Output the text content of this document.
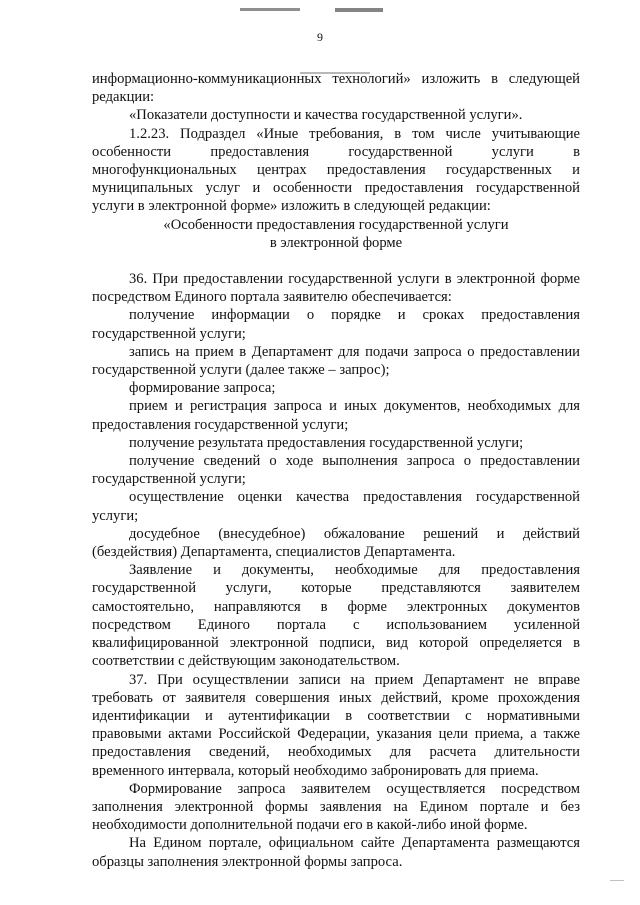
9

информационно-коммуникационных технологий» изложить в следующей редакции:

«Показатели доступности и качества государственной услуги».

1.2.23. Подраздел «Иные требования, в том числе учитывающие особенности предоставления государственной услуги в многофункциональных центрах предоставления государственных и муниципальных услуг и особенности предоставления государственной услуги в электронной форме» изложить в следующей редакции:

«Особенности предоставления государственной услуги

в электронной форме

36. При предоставлении государственной услуги в электронной форме посредством Единого портала заявителю обеспечивается:

получение информации о порядке и сроках предоставления государственной услуги;

запись на прием в Департамент для подачи запроса о предоставлении государственной услуги (далее также – запрос);

формирование запроса;

прием и регистрация запроса и иных документов, необходимых для предоставления государственной услуги;

получение результата предоставления государственной услуги;

получение сведений о ходе выполнения запроса о предоставлении государственной услуги;

осуществление оценки качества предоставления государственной услуги;

досудебное (внесудебное) обжалование решений и действий (бездействия) Департамента, специалистов Департамента.

Заявление и документы, необходимые для предоставления государственной услуги, которые представляются заявителем самостоятельно, направляются в форме электронных документов посредством Единого портала с использованием усиленной квалифицированной электронной подписи, вид которой определяется в соответствии с действующим законодательством.

37. При осуществлении записи на прием Департамент не вправе требовать от заявителя совершения иных действий, кроме прохождения идентификации и аутентификации в соответствии с нормативными правовыми актами Российской Федерации, указания цели приема, а также предоставления сведений, необходимых для расчета длительности временного интервала, который необходимо забронировать для приема.

Формирование запроса заявителем осуществляется посредством заполнения электронной формы заявления на Едином портале и без необходимости дополнительной подачи его в какой-либо иной форме.

На Едином портале, официальном сайте Департамента размещаются образцы заполнения электронной формы запроса.
